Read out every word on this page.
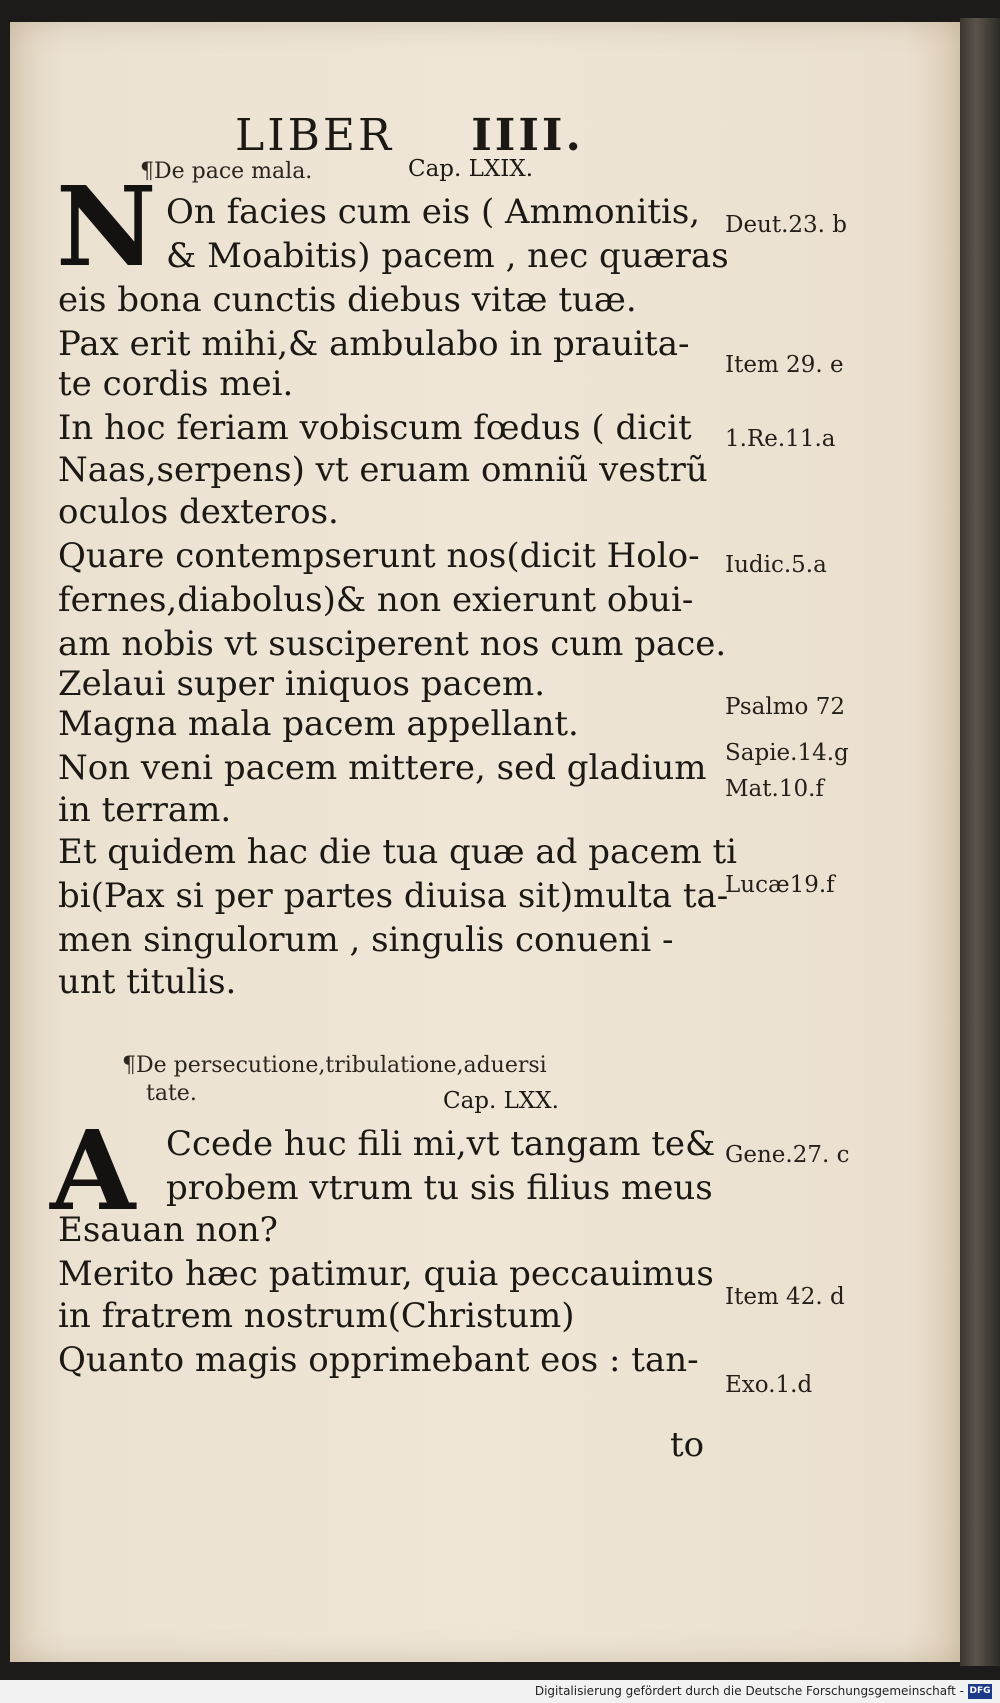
LIBER IIII.
¶De pace mala.	Cap. LXIX.
N On facies cum eis ( Ammonitis,
& Moabitis) pacem , nec quæras
eis bona cunctis diebus vitæ tuæ.
Pax erit mihi,& ambulabo in prauita-
te cordis mei.
In hoc feriam vobiscum fœdus ( dicit
Naas,serpens) vt eruam omniũ vestrũ
oculos dexteros.
Quare contempserunt nos(dicit Holo-
fernes,diabolus)& non exierunt obui-
am nobis vt susciperent nos cum pace.
Zelaui super iniquos pacem.
Magna mala pacem appellant.
Non veni pacem mittere, sed gladium
in terram.
Et quidem hac die tua quæ ad pacem ti
bi(Pax si per partes diuisa sit)multa ta-
men singulorum , singulis conueni -
unt titulis.
Deut.23. b
Item 29. e
1.Re.11.a
Iudic.5.a
Psalmo 72
Sapie.14.g
Mat.10.f
Lucæ19.f
¶De persecutione,tribulatione,aduersi
tate.	Cap. LXX.
A Ccede huc fili mi,vt tangam te&
probem vtrum tu sis filius meus
Esauan non?
Merito hæc patimur, quia peccauimus
in fratrem nostrum(Christum)
Quanto magis opprimebant eos : tan-
Gene.27. c
Item 42. d
Exo.1.d
to
Digitalisierung gefördert durch die Deutsche Forschungsgemeinschaft - DFG
